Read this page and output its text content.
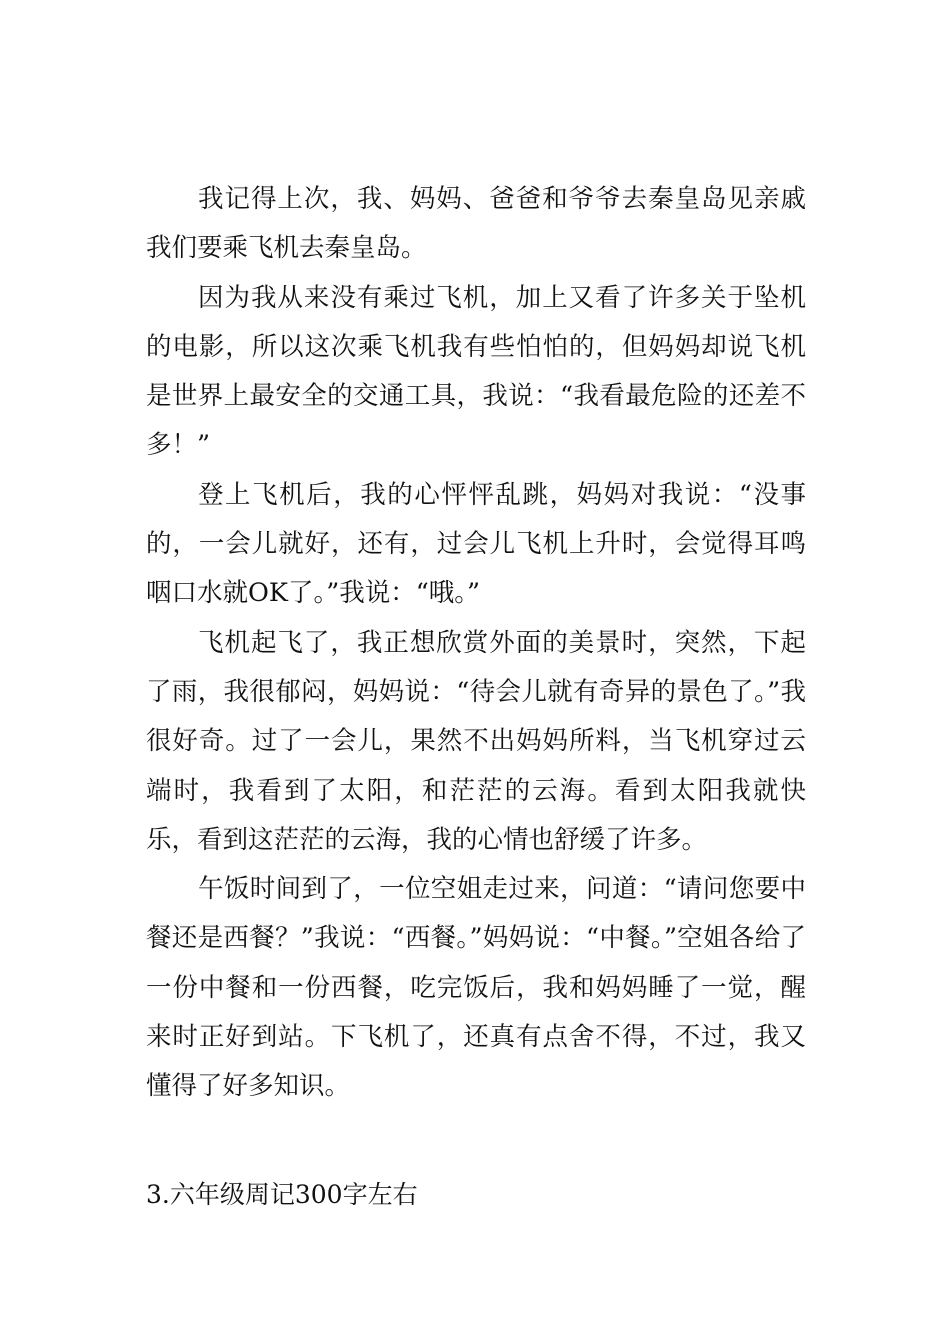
我记得上次，我、妈妈、爸爸和爷爷去秦皇岛见亲戚我们要乘飞机去秦皇岛。

因为我从来没有乘过飞机，加上又看了许多关于坠机的电影，所以这次乘飞机我有些怕怕的，但妈妈却说飞机是世界上最安全的交通工具，我说：“我看最危险的还差不多！”

登上飞机后，我的心怦怦乱跳，妈妈对我说：“没事的，一会儿就好，还有，过会儿飞机上升时，会觉得耳鸣咽口水就OK了。”我说：“哦。”

飞机起飞了，我正想欣赏外面的美景时，突然，下起了雨，我很郁闷，妈妈说：“待会儿就有奇异的景色了。”我很好奇。过了一会儿，果然不出妈妈所料，当飞机穿过云端时，我看到了太阳，和茫茫的云海。看到太阳我就快乐，看到这茫茫的云海，我的心情也舒缓了许多。

午饭时间到了，一位空姐走过来，问道：“请问您要中餐还是西餐？”我说：“西餐。”妈妈说：“中餐。”空姐各给了一份中餐和一份西餐，吃完饭后，我和妈妈睡了一觉，醒来时正好到站。下飞机了，还真有点舍不得，不过，我又懂得了好多知识。

3.六年级周记300字左右
